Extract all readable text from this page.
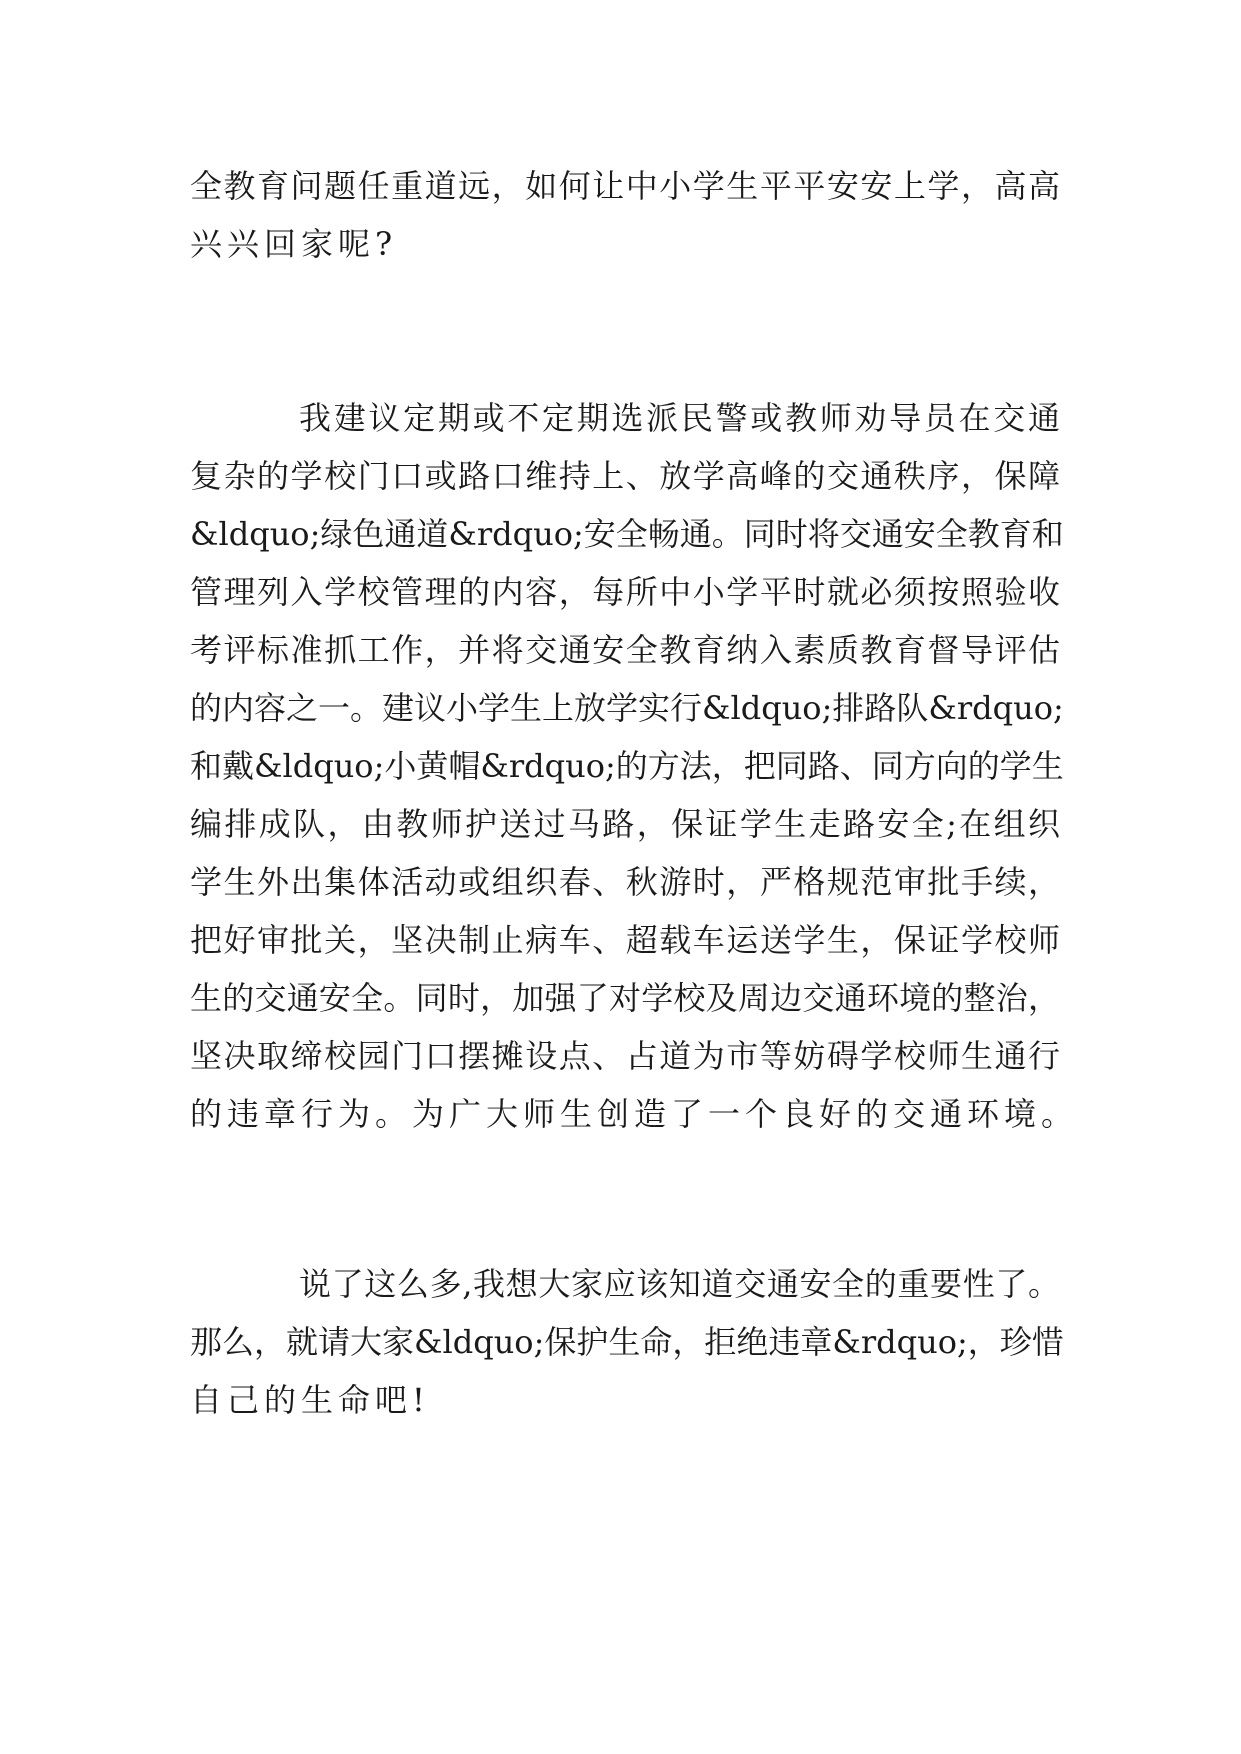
全教育问题任重道远，如何让中小学生平平安安上学，高高
兴兴回家呢?

我建议定期或不定期选派民警或教师劝导员在交通
复杂的学校门口或路口维持上、放学高峰的交通秩序，保障
&ldquo;绿色通道&rdquo;安全畅通。同时将交通安全教育和
管理列入学校管理的内容，每所中小学平时就必须按照验收
考评标准抓工作，并将交通安全教育纳入素质教育督导评估
的内容之一。建议小学生上放学实行&ldquo;排路队&rdquo;
和戴&ldquo;小黄帽&rdquo;的方法，把同路、同方向的学生
编排成队，由教师护送过马路，保证学生走路安全;在组织
学生外出集体活动或组织春、秋游时，严格规范审批手续，
把好审批关，坚决制止病车、超载车运送学生，保证学校师
生的交通安全。同时，加强了对学校及周边交通环境的整治，
坚决取缔校园门口摆摊设点、占道为市等妨碍学校师生通行
的违章行为。为广大师生创造了一个良好的交通环境。

说了这么多,我想大家应该知道交通安全的重要性了。
那么，就请大家&ldquo;保护生命，拒绝违章&rdquo;，珍惜
自己的生命吧!
